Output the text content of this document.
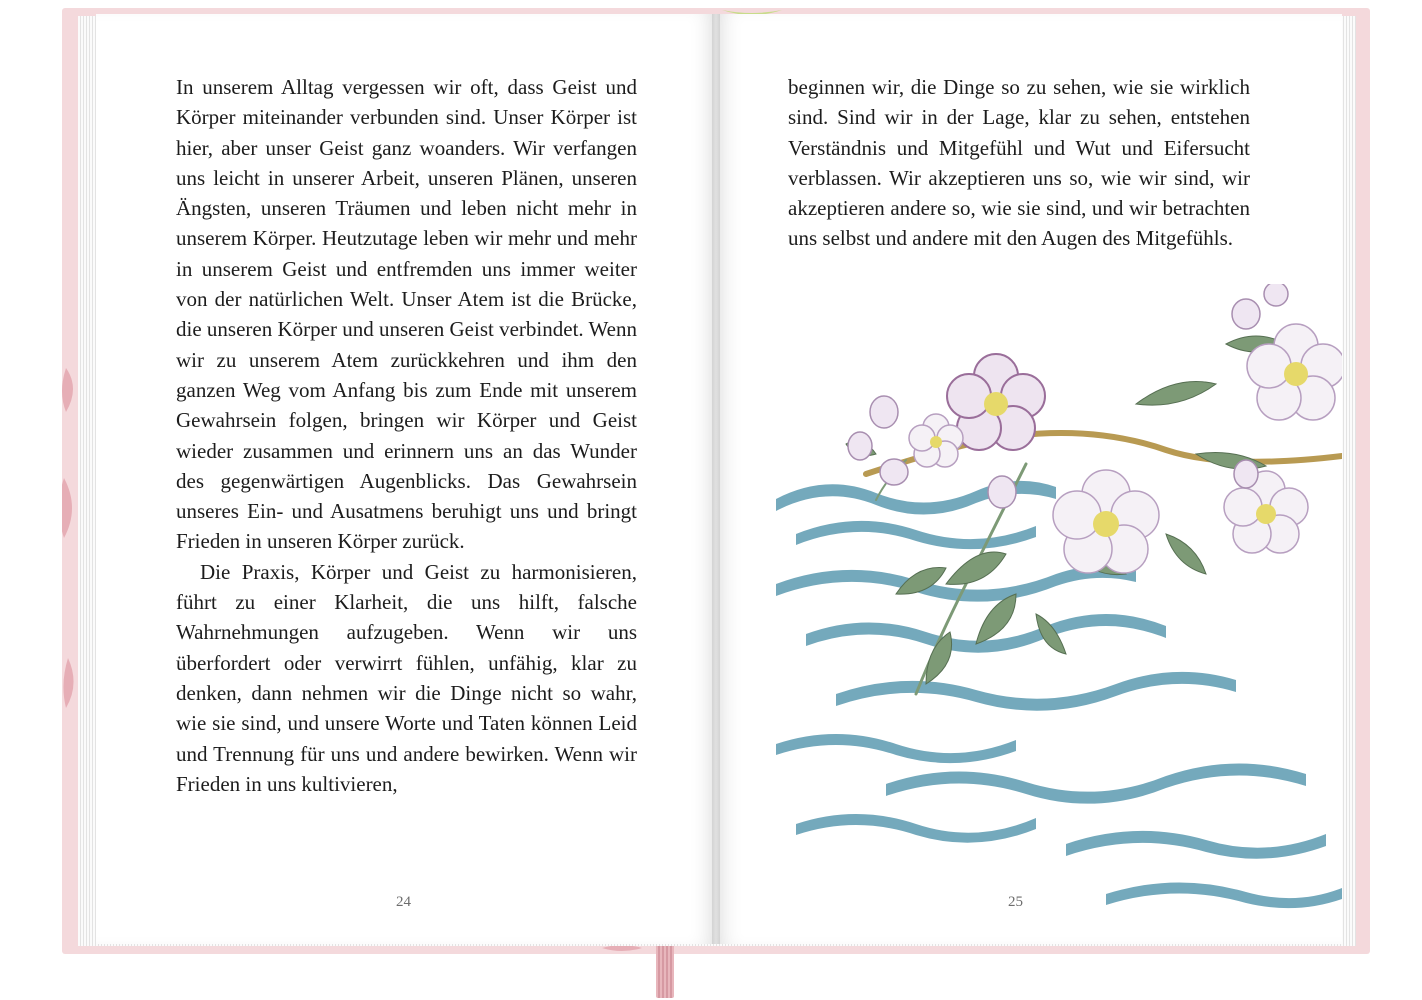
In unserem Alltag vergessen wir oft, dass Geist und Körper miteinander verbunden sind. Unser Körper ist hier, aber unser Geist ganz woanders. Wir verfangen uns leicht in unserer Arbeit, unseren Plänen, unseren Ängsten, unseren Träumen und leben nicht mehr in unserem Körper. Heutzutage leben wir mehr und mehr in unserem Geist und entfremden uns immer weiter von der natürlichen Welt. Unser Atem ist die Brücke, die unseren Körper und unseren Geist verbindet. Wenn wir zu unserem Atem zurückkehren und ihm den ganzen Weg vom Anfang bis zum Ende mit unserem Gewahrsein folgen, bringen wir Körper und Geist wieder zusammen und erinnern uns an das Wunder des gegenwärtigen Augenblicks. Das Gewahrsein unseres Ein- und Ausatmens beruhigt uns und bringt Frieden in unseren Körper zurück.

Die Praxis, Körper und Geist zu harmonisieren, führt zu einer Klarheit, die uns hilft, falsche Wahrnehmungen aufzugeben. Wenn wir uns überfordert oder verwirrt fühlen, unfähig, klar zu denken, dann nehmen wir die Dinge nicht so wahr, wie sie sind, und unsere Worte und Taten können Leid und Trennung für uns und andere bewirken. Wenn wir Frieden in uns kultivieren,

24

beginnen wir, die Dinge so zu sehen, wie sie wirklich sind. Sind wir in der Lage, klar zu sehen, entstehen Verständnis und Mitgefühl und Wut und Eifersucht verblassen. Wir akzeptieren uns so, wie wir sind, wir akzeptieren andere so, wie sie sind, und wir betrachten uns selbst und andere mit den Augen des Mitgefühls.

25
